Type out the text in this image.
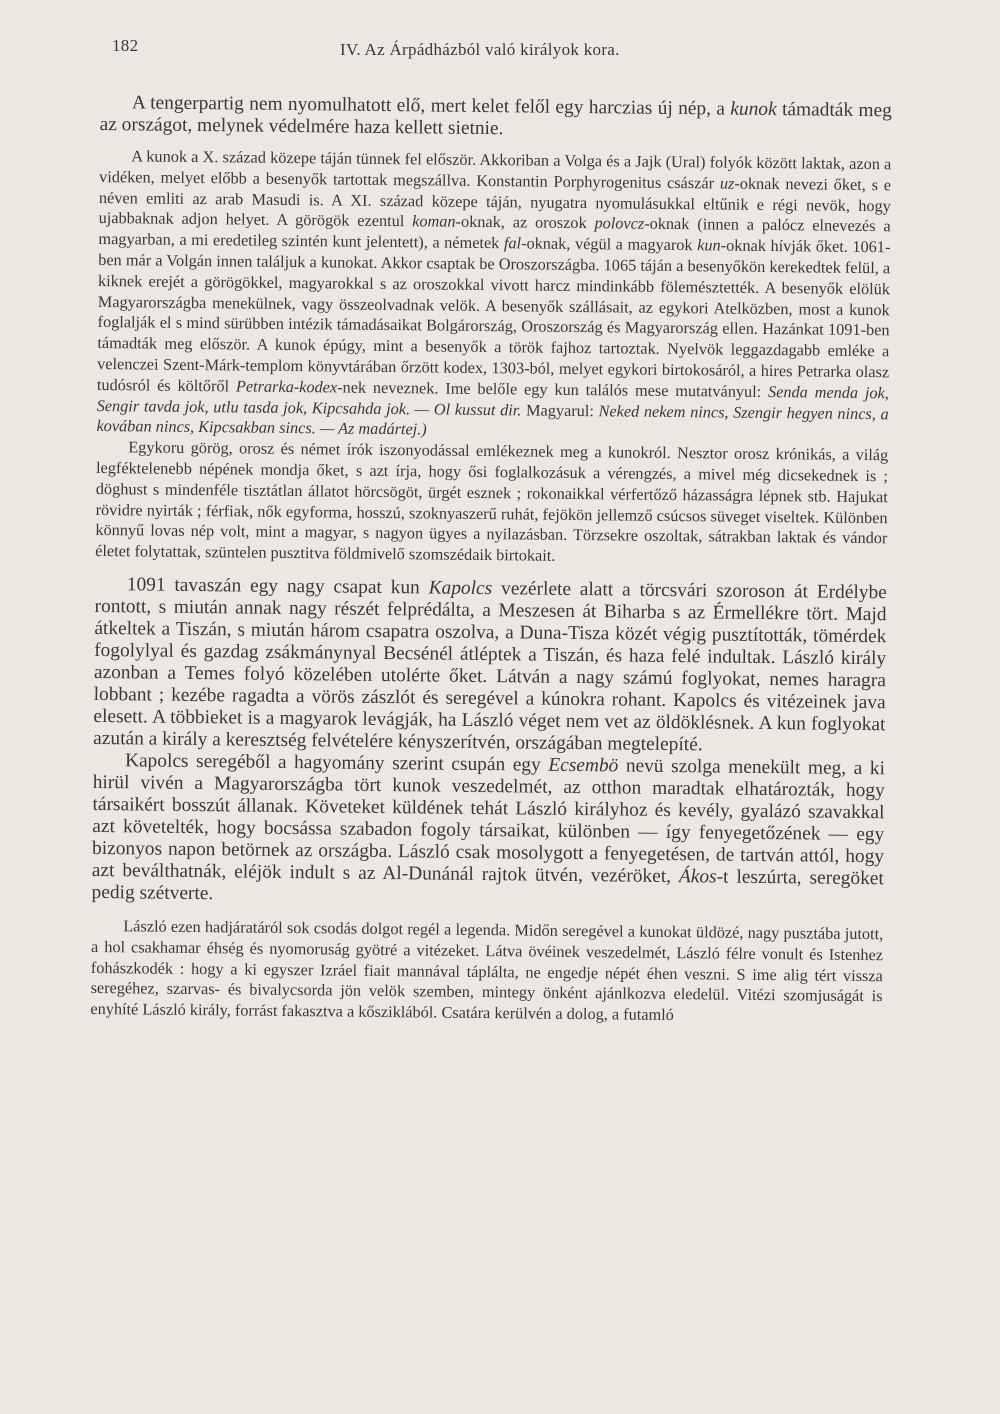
182	IV. Az Árpádházból való királyok kora.

A tengerpartig nem nyomulhatott elő, mert kelet felől egy harczias új nép, a kunok támadták meg az országot, melynek védelmére haza kellett sietnie.

A kunok a X. század közepe táján tünnek fel először. Akkoriban a Volga és a Jajk (Ural) folyók között laktak, azon a vidéken, melyet előbb a besenyők tartottak megszállva. Konstantin Porphyrogenitus császár uz-oknak nevezi őket, s e néven emliti az arab Masudi is. A XI. század közepe táján, nyugatra nyomulásukkal eltűnik e régi nevök, hogy ujabbaknak adjon helyet. A görögök ezentul koman-oknak, az oroszok polovcz-oknak (innen a palócz elnevezés a magyarban, a mi eredetileg szintén kunt jelentett), a németek fal-oknak, végül a magyarok kun-oknak hívják őket. 1061-ben már a Volgán innen találjuk a kunokat. Akkor csaptak be Oroszországba. 1065 táján a besenyőkön kerekedtek felül, a kiknek erejét a görögökkel, magyarokkal s az oroszokkal vivott harcz mindinkább fölemésztették. A besenyők elölük Magyarországba menekülnek, vagy összeolvadnak velök. A besenyők szállásait, az egykori Atelközben, most a kunok foglalják el s mind sürübben intézik támadásaikat Bolgárország, Oroszország és Magyarország ellen. Hazánkat 1091-ben támadták meg először. A kunok épúgy, mint a besenyők a török fajhoz tartoztak. Nyelvök leggazdagabb emléke a velenczei Szent-Márk-templom könyvtárában őrzött kodex, 1303-ból, melyet egykori birtokosáról, a hires Petrarka olasz tudósról és költőről Petrarka-kodex-nek neveznek. Ime belőle egy kun találós mese mutatványul: Senda menda jok, Sengir tavda jok, utlu tasda jok, Kipcsahda jok. — Ol kussut dir. Magyarul: Neked nekem nincs, Szengir hegyen nincs, a kovában nincs, Kipcsakban sincs. — Az madártej.)

Egykoru görög, orosz és német írók iszonyodással emlékeznek meg a kunokról. Nesztor orosz krónikás, a világ legféktelenebb népének mondja őket, s azt írja, hogy ősi foglalkozásuk a vérengzés, a mivel még dicsekednek is ; döghust s mindenféle tisztátlan állatot hörcsögöt, ürgét esznek ; rokonaikkal vérfertőző házasságra lépnek stb. Hajukat rövidre nyirták ; férfiak, nők egyforma, hosszú, szoknyaszerű ruhát, fejökön jellemző csúcsos süveget viseltek. Különben könnyű lovas nép volt, mint a magyar, s nagyon ügyes a nyilazásban. Törzsekre oszoltak, sátrakban laktak és vándor életet folytattak, szüntelen pusztitva földmivelő szomszédaik birtokait.

1091 tavaszán egy nagy csapat kun Kapolcs vezérlete alatt a törcsvári szoroson át Erdélybe rontott, s miután annak nagy részét felprédálta, a Meszesen át Biharba s az Érmellékre tört. Majd átkeltek a Tiszán, s miután három csapatra oszolva, a Duna-Tisza közét végig pusztították, tömérdek fogolylyal és gazdag zsákmánynyal Becsénél átléptek a Tiszán, és haza felé indultak. László király azonban a Temes folyó közelében utolérte őket. Látván a nagy számú foglyokat, nemes haragra lobbant ; kezébe ragadta a vörös zászlót és seregével a kúnokra rohant. Kapolcs és vitézeinek java elesett. A többieket is a magyarok levágják, ha László véget nem vet az öldöklésnek. A kun foglyokat azután a király a keresztség felvételére kényszerítvén, országában megtelepíté.

Kapolcs seregéből a hagyomány szerint csupán egy Ecsembö nevü szolga menekült meg, a ki hirül vivén a Magyarországba tört kunok veszedelmét, az otthon maradtak elhatározták, hogy társaikért bosszút állanak. Követeket küldének tehát László királyhoz és kevély, gyalázó szavakkal azt követelték, hogy bocsássa szabadon fogoly társaikat, különben — így fenyegetőzének — egy bizonyos napon betörnek az országba. László csak mosolygott a fenyegetésen, de tartván attól, hogy azt beválthatnák, eléjök indult s az Al-Dunánál rajtok ütvén, vezéröket, Ákos-t leszúrta, seregöket pedig szétverte.

László ezen hadjáratáról sok csodás dolgot regél a legenda. Midőn seregével a kunokat üldözé, nagy pusztába jutott, a hol csakhamar éhség és nyomoruság gyötré a vitézeket. Látva övéinek veszedelmét, László félre vonult és Istenhez fohászkodék : hogy a ki egyszer Izráel fiait mannával táplálta, ne engedje népét éhen veszni. S ime alig tért vissza seregéhez, szarvas- és bivalycsorda jön velök szemben, mintegy önként ajánlkozva eledelül. Vitézi szomjuságát is enyhíté László király, forrást fakasztva a kősziklából. Csatára kerülvén a dolog, a futamló
